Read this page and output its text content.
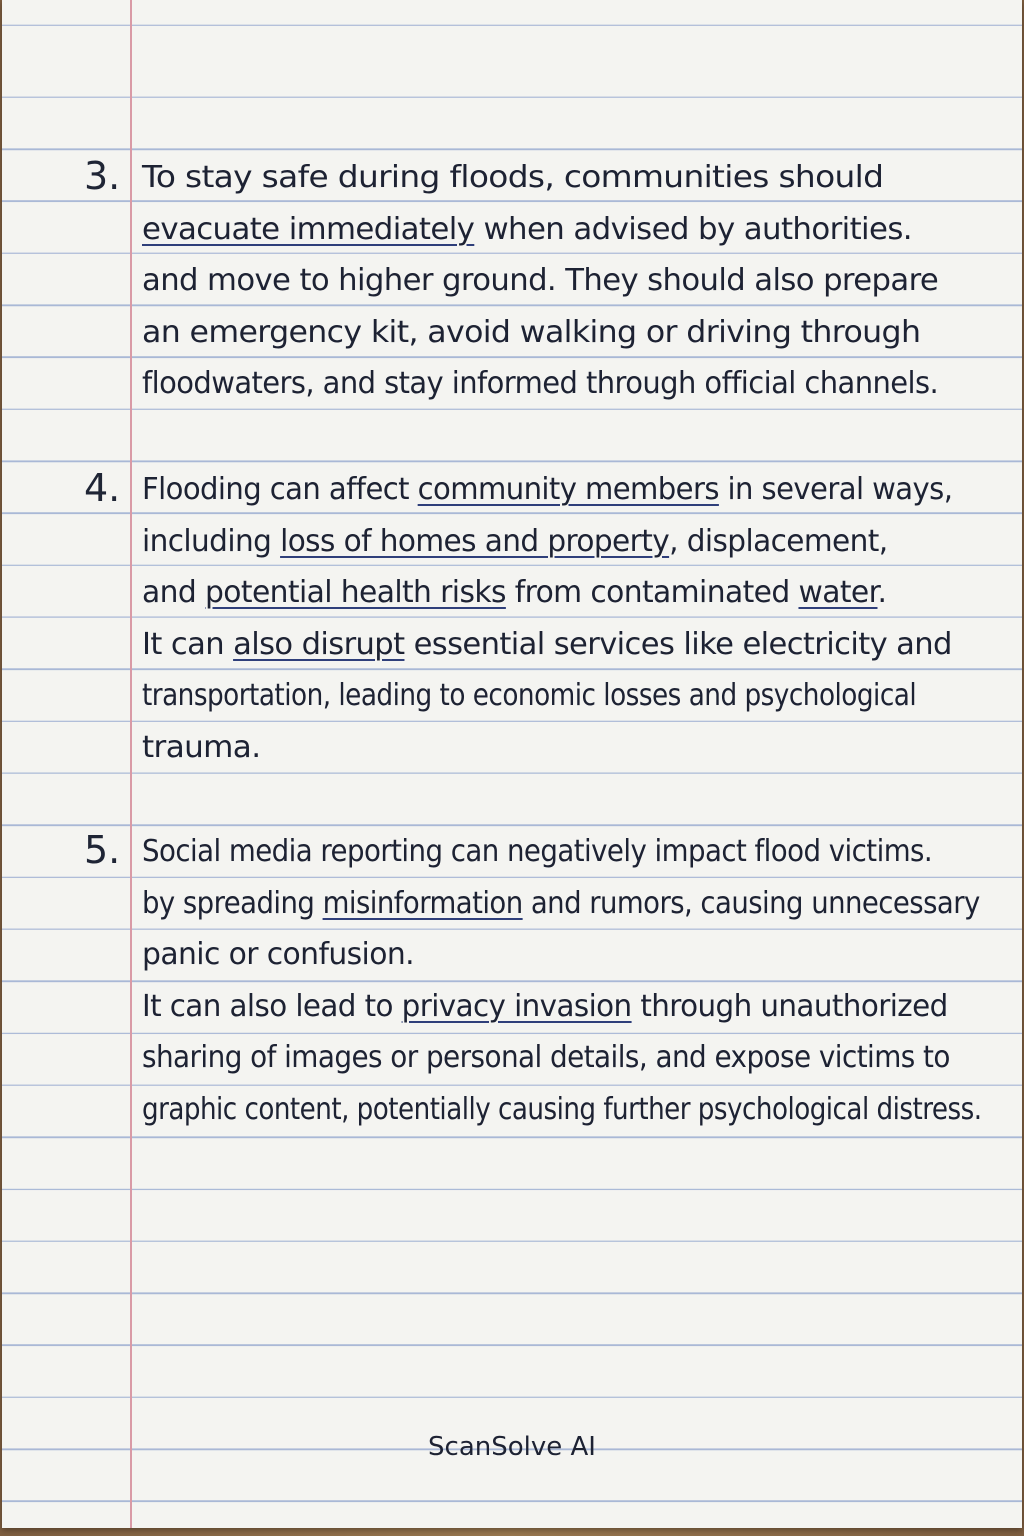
3. To stay safe during floods, communities should
evacuate immediately when advised by authorities.
and move to higher ground. They should also prepare
an emergency kit, avoid walking or driving through
floodwaters, and stay informed through official channels.
4. Flooding can affect community members in several ways,
including loss of homes and property, displacement,
and potential health risks from contaminated water.
It can also disrupt essential services like electricity and
transportation, leading to economic losses and psychological
trauma.
5. Social media reporting can negatively impact flood victims.
by spreading misinformation and rumors, causing unnecessary
panic or confusion.
It can also lead to privacy invasion through unauthorized
sharing of images or personal details, and expose victims to
graphic content, potentially causing further psychological distress.
ScanSolve AI
